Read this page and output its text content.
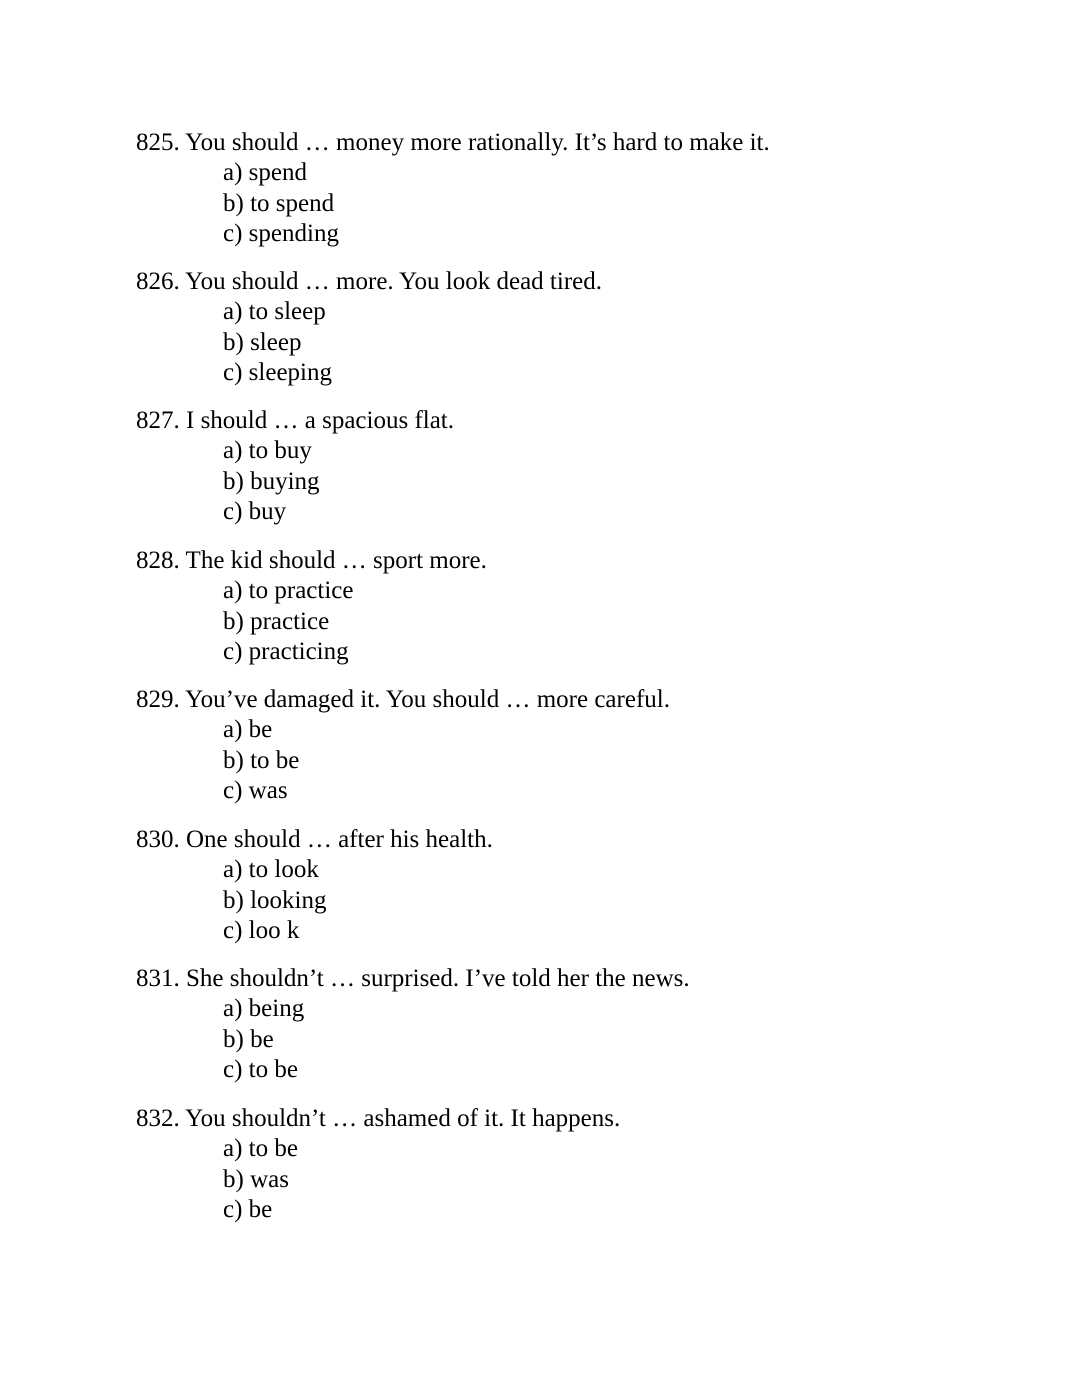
825. You should … money more rationally. It’s hard to make it.
a) spend
b) to spend
c) spending
826. You should … more. You look dead tired.
a) to sleep
b) sleep
c) sleeping
827. I should … a spacious flat.
a) to buy
b) buying
c) buy
828. The kid should … sport more.
a) to practice
b) practice
c) practicing
829. You’ve damaged it. You should … more careful.
a) be
b) to be
c) was
830. One should … after his health.
a) to look
b) looking
c) loo k
831. She shouldn’t … surprised. I’ve told her the news.
a) being
b) be
c) to be
832. You shouldn’t … ashamed of it. It happens.
a) to be
b) was
c) be
